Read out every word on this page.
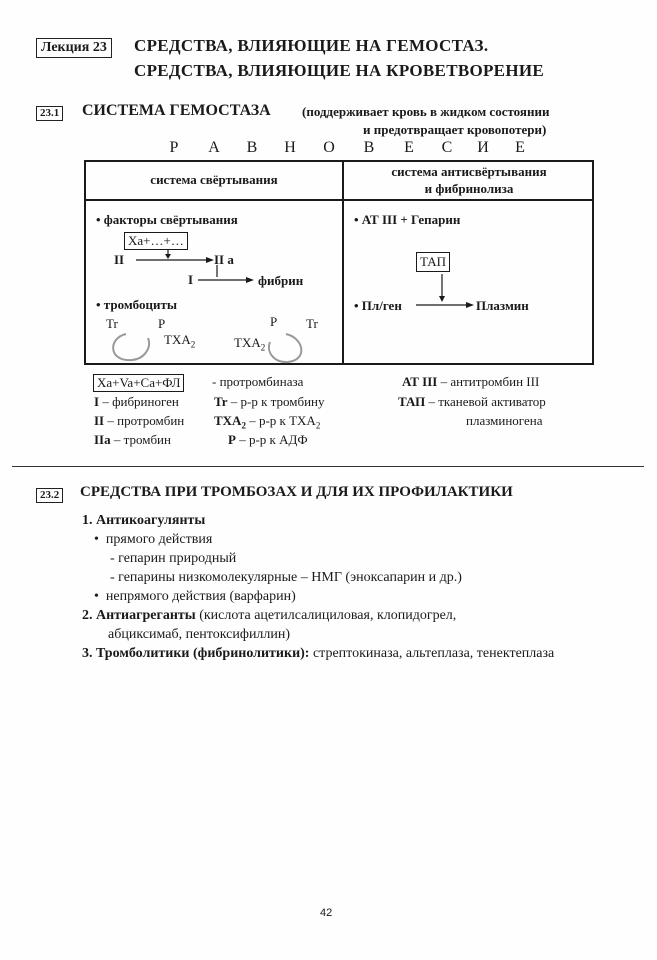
Лекция 23 СРЕДСТВА, ВЛИЯЮЩИЕ НА ГЕМОСТАЗ.
СРЕДСТВА, ВЛИЯЮЩИЕ НА КРОВЕТВОРЕНИЕ
23.1 СИСТЕМА ГЕМОСТАЗА (поддерживает кровь в жидком состоянии
и предотвращает кровопотери)
Р	А В Н О В	Е	С И	Е
система свёртывания
система антисвёртывания
и фибринолиза
• факторы свёртывания
Xa+…+…
II	II a
I	фибрин
• тромбоциты
Tr	P
$TXA_2$
P Tr
$TXA_2$
• АТ III + Гепарин
ТАП
• Пл/ген	Плазмин
Xa+Va+Ca+ФЛ	- протромбиназа
I – фибриноген
II – протромбин
IIa – тромбин
Tr – р-р к тромбину
$TXA_2 - р-р$ к $TXA_2$
P – р-р к АДФ
АТ III – антитромбин III
ТАП – тканевой активатор
плазминогена
23.2 СРЕДСТВА ПРИ ТРОМБОЗАХ И ДЛЯ ИХ ПРОФИЛАКТИКИ
1. Антикоагулянты
•  прямого действия
- гепарин природный
- гепарины низкомолекулярные – НМГ (эноксапарин и др.)
•  непрямого действия (варфарин)
2. Антиагреганты (кислота ацетилсалициловая, клопидогрел,
абциксимаб, пентоксифиллин)
3. Тромболитики (фибринолитики): стрептокиназа, альтеплаза, тенектеплаза
42
